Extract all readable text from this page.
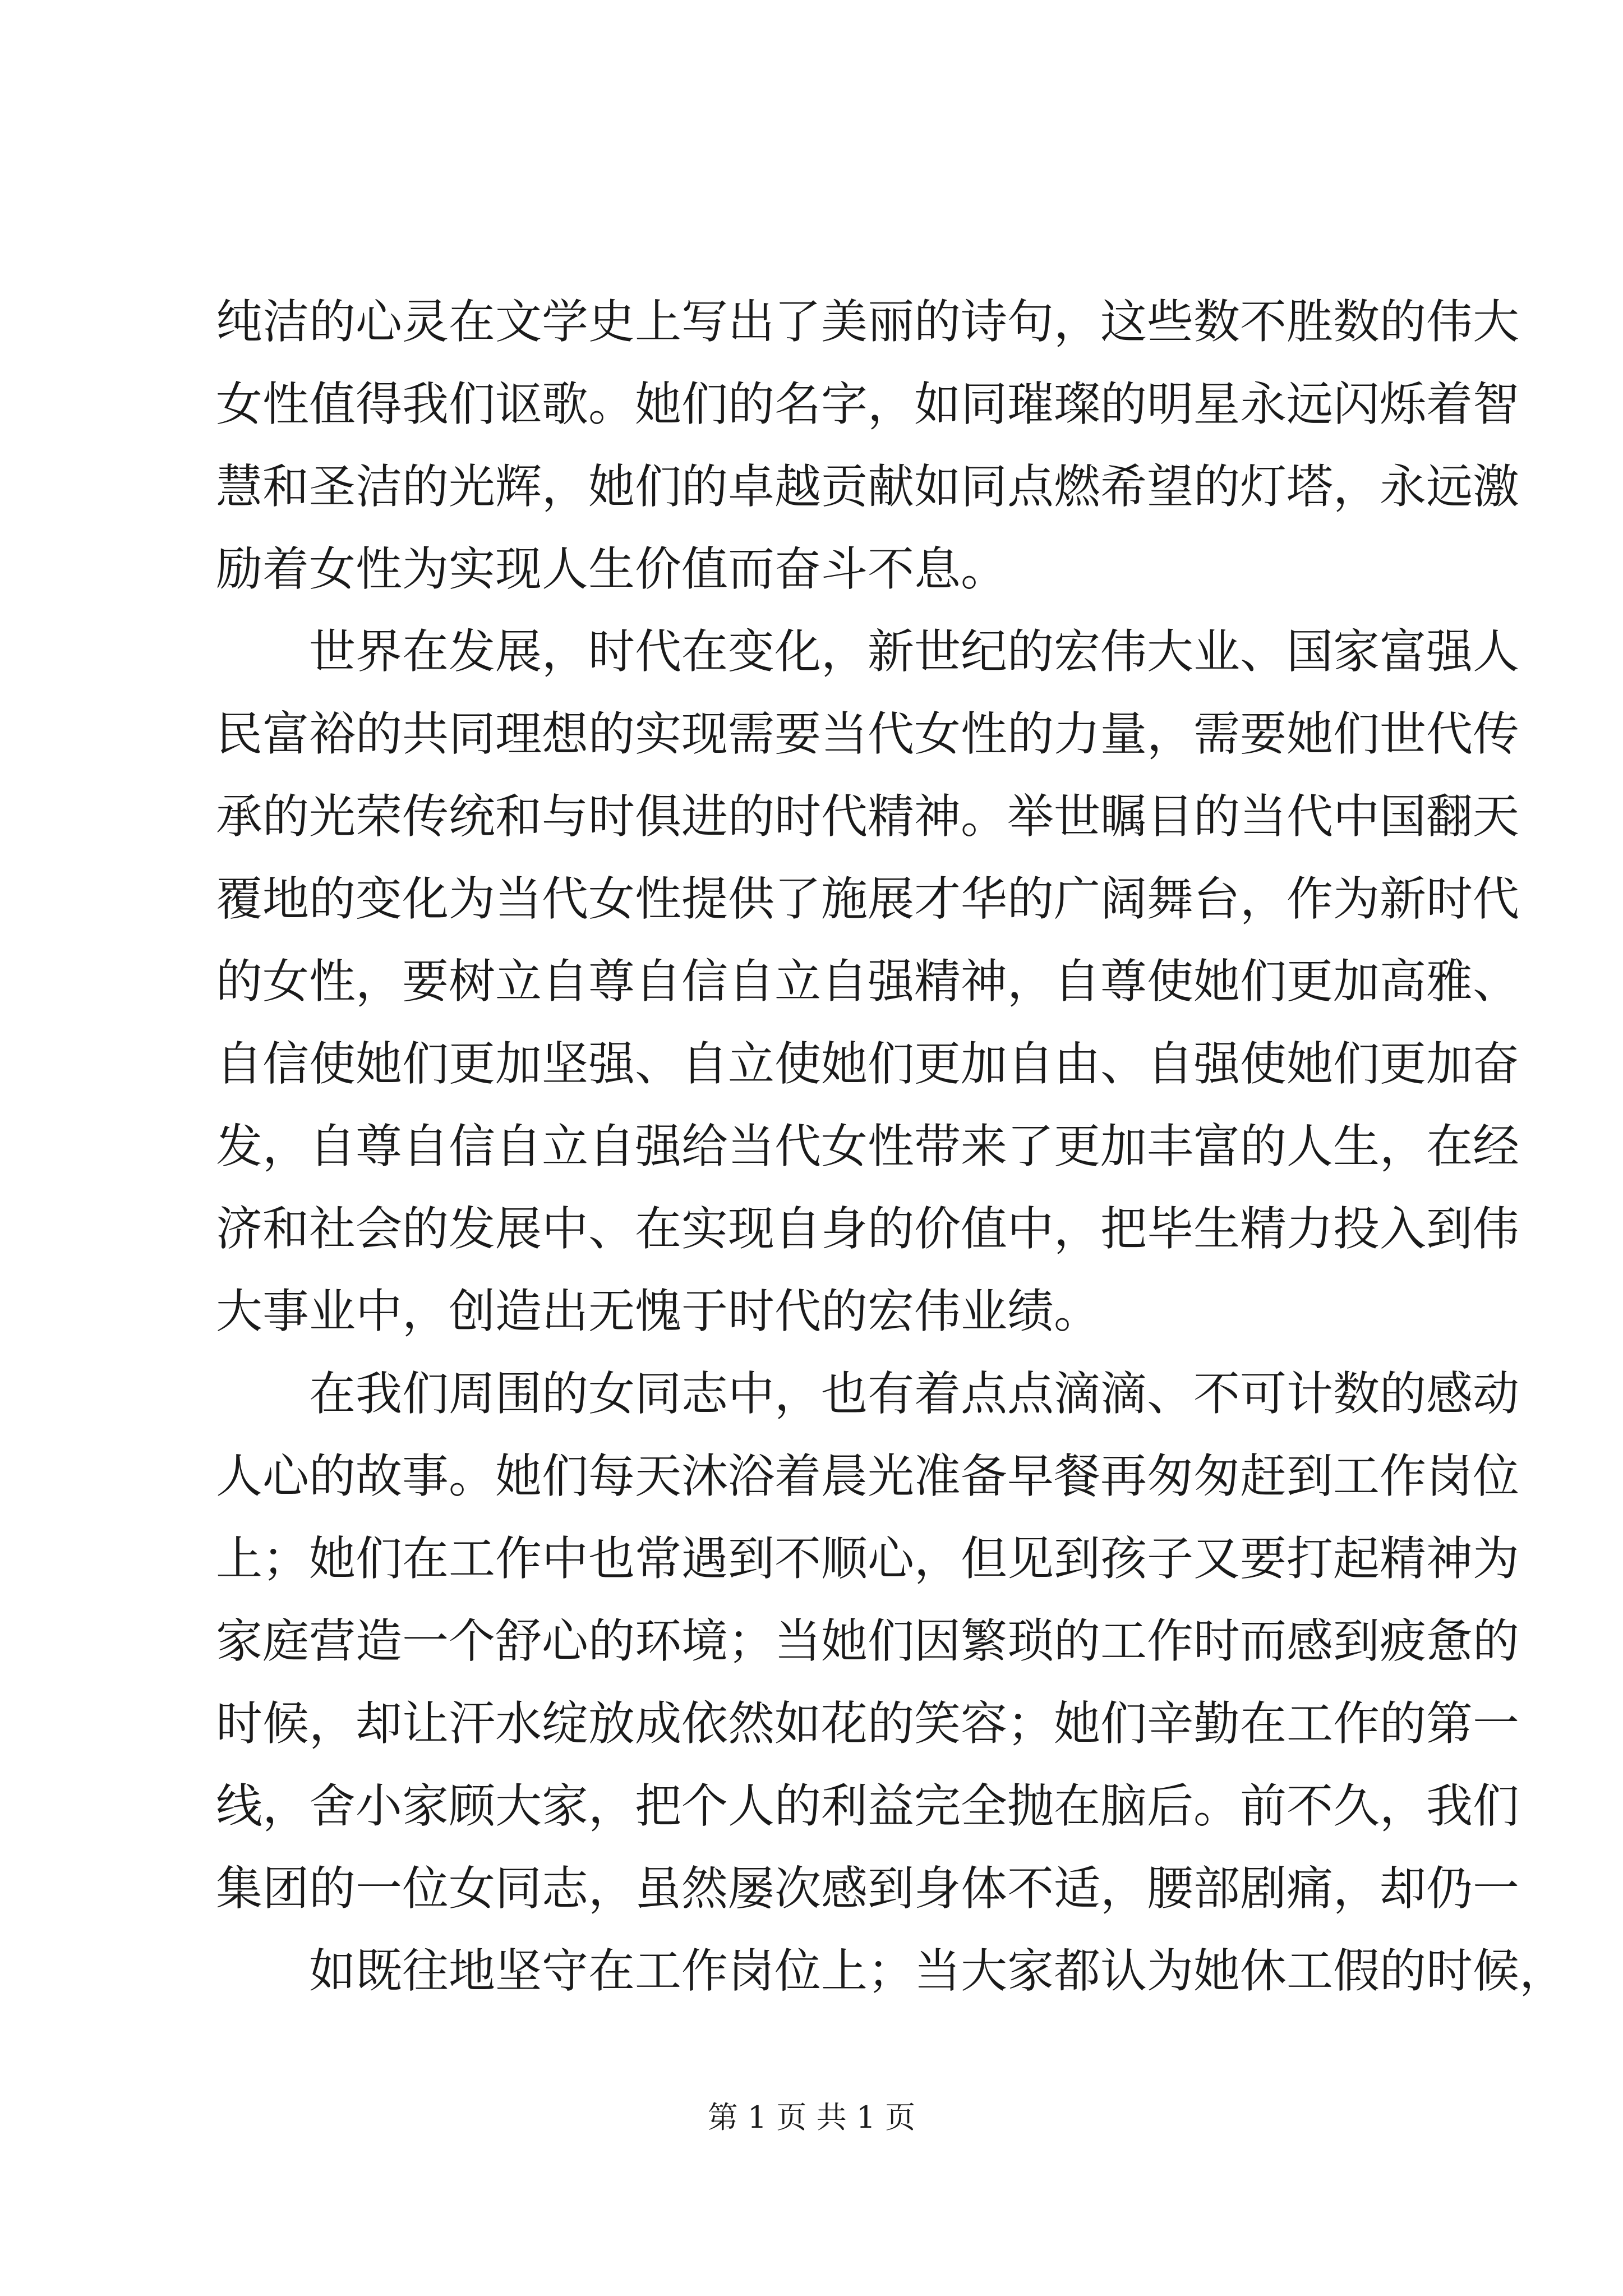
纯洁的心灵在文学史上写出了美丽的诗句，这些数不胜数的伟大
女性值得我们讴歌。她们的名字，如同璀璨的明星永远闪烁着智
慧和圣洁的光辉，她们的卓越贡献如同点燃希望的灯塔，永远激
励着女性为实现人生价值而奋斗不息。
世界在发展，时代在变化，新世纪的宏伟大业、国家富强人
民富裕的共同理想的实现需要当代女性的力量，需要她们世代传
承的光荣传统和与时俱进的时代精神。举世瞩目的当代中国翻天
覆地的变化为当代女性提供了施展才华的广阔舞台，作为新时代
的女性，要树立自尊自信自立自强精神，自尊使她们更加高雅、
自信使她们更加坚强、自立使她们更加自由、自强使她们更加奋
发，自尊自信自立自强给当代女性带来了更加丰富的人生，在经
济和社会的发展中、在实现自身的价值中，把毕生精力投入到伟
大事业中，创造出无愧于时代的宏伟业绩。
在我们周围的女同志中，也有着点点滴滴、不可计数的感动
人心的故事。她们每天沐浴着晨光准备早餐再匆匆赶到工作岗位
上；她们在工作中也常遇到不顺心，但见到孩子又要打起精神为
家庭营造一个舒心的环境；当她们因繁琐的工作时而感到疲惫的
时候，却让汗水绽放成依然如花的笑容；她们辛勤在工作的第一
线，舍小家顾大家，把个人的利益完全抛在脑后。前不久，我们
集团的一位女同志，虽然屡次感到身体不适，腰部剧痛，却仍一
如既往地坚守在工作岗位上；当大家都认为她休工假的时候，
第 1 页 共 1 页
